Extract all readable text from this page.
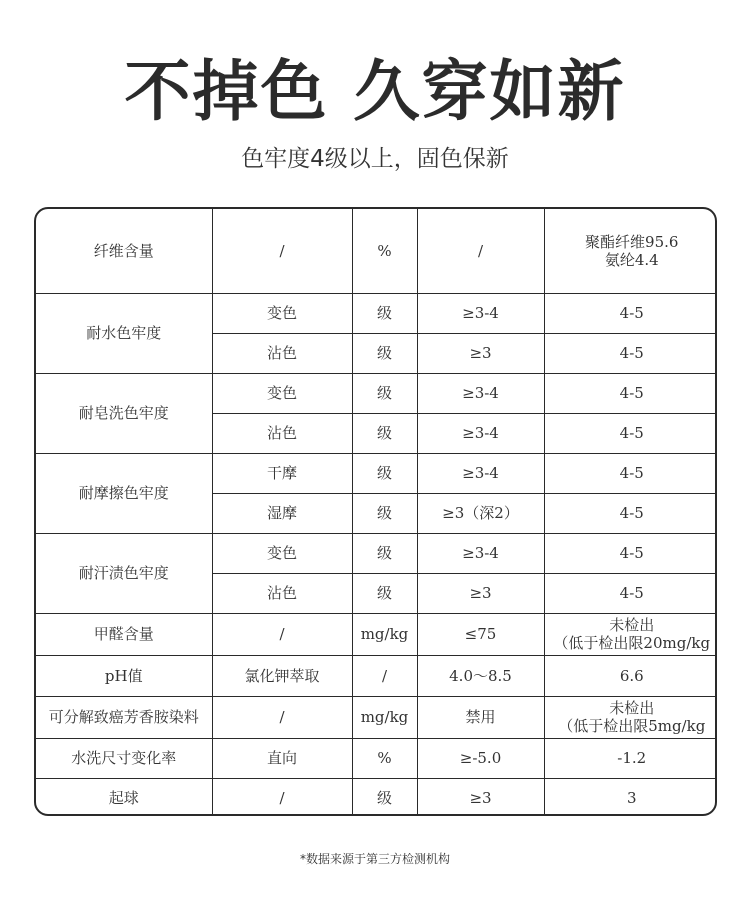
不掉色 久穿如新
色牢度4级以上，固色保新
纤维含量	/	%	/	聚酯纤维95.6
氨纶4.4

耐水色牢度	变色	级	≥3-4	4-5
	沾色	级	≥3	4-5
耐皂洗色牢度	变色	级	≥3-4	4-5
	沾色	级	≥3-4	4-5
耐摩擦色牢度	干摩	级	≥3-4	4-5
	湿摩	级	≥3（深2）	4-5
耐汗渍色牢度	变色	级	≥3-4	4-5
	沾色	级	≥3	4-5
甲醛含量	/	mg/kg	≤75	未检出
（低于检出限20mg/kg

pH值	氯化钾萃取	/	4.0～8.5	6.6
可分解致癌芳香胺染料	/	mg/kg	禁用	未检出
（低于检出限5mg/kg

水洗尺寸变化率	直向	%	≥-5.0	-1.2
起球	/	级	≥3	3
*数据来源于第三方检测机构
